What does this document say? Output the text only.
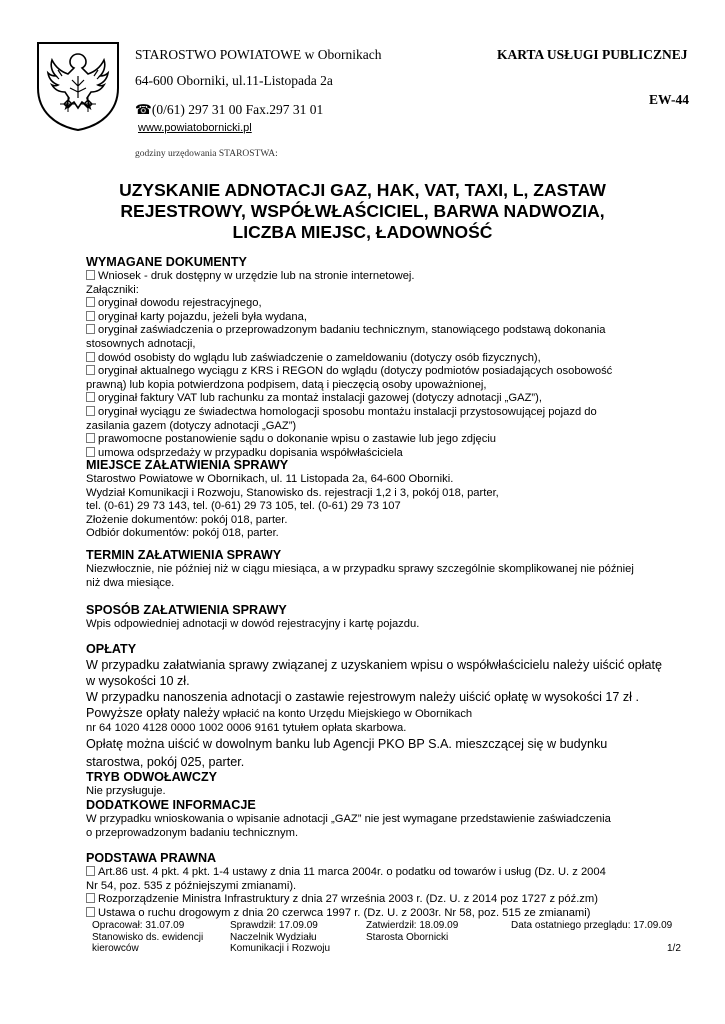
STAROSTWO POWIATOWE w Obornikach	KARTA USŁUGI PUBLICZNEJ
64-600 Oborniki, ul.11-Listopada 2a
EW-44
☎(0/61) 297 31 00 Fax.297 31 01
www.powiatobornicki.pl
godziny urzędowania STAROSTWA:
UZYSKANIE ADNOTACJI GAZ, HAK, VAT, TAXI, L, ZASTAW
REJESTROWY, WSPÓŁWŁAŚCICIEL, BARWA NADWOZIA,
LICZBA MIEJSC, ŁADOWNOŚĆ
WYMAGANE DOKUMENTY
Wniosek - druk dostępny w urzędzie lub na stronie internetowej.
Załączniki:
oryginał dowodu rejestracyjnego,
oryginał karty pojazdu, jeżeli była wydana,
oryginał zaświadczenia o przeprowadzonym badaniu technicznym, stanowiącego podstawą dokonania
stosownych adnotacji,
dowód osobisty do wglądu lub zaświadczenie o zameldowaniu (dotyczy osób fizycznych),
oryginał aktualnego wyciągu z KRS i REGON do wglądu (dotyczy podmiotów posiadających osobowość
prawną) lub kopia potwierdzona podpisem, datą i pieczęcią osoby upoważnionej,
oryginał faktury VAT lub rachunku za montaż instalacji gazowej (dotyczy adnotacji „GAZ”),
oryginał wyciągu ze świadectwa homologacji sposobu montażu instalacji przystosowującej pojazd do
zasilania gazem (dotyczy adnotacji „GAZ”)
prawomocne postanowienie sądu o dokonanie wpisu o zastawie lub jego zdjęciu
umowa odsprzedaży w przypadku dopisania współwłaściciela
MIEJSCE ZAŁATWIENIA SPRAWY
Starostwo Powiatowe w Obornikach, ul. 11 Listopada 2a, 64-600 Oborniki.
Wydział Komunikacji i Rozwoju, Stanowisko ds. rejestracji 1,2 i 3, pokój 018, parter,
tel. (0-61) 29 73 143, tel. (0-61) 29 73 105, tel. (0-61) 29 73 107
Złożenie dokumentów: pokój 018, parter.
Odbiór dokumentów: pokój 018, parter.
TERMIN ZAŁATWIENIA SPRAWY
Niezwłocznie, nie później niż w ciągu miesiąca, a w przypadku sprawy szczególnie skomplikowanej nie później
niż dwa miesiące.
SPOSÓB ZAŁATWIENIA SPRAWY
Wpis odpowiedniej adnotacji w dowód rejestracyjny i kartę pojazdu.
OPŁATY
W przypadku załatwiania sprawy związanej z uzyskaniem wpisu o współwłaścicielu należy uiścić opłatę
w wysokości 10 zł.
W przypadku nanoszenia adnotacji o zastawie rejestrowym należy uiścić opłatę w wysokości 17 zł .
Powyższe opłaty należy wpłacić na konto Urzędu Miejskiego w Obornikach
nr 64 1020 4128 0000 1002 0006 9161 tytułem opłata skarbowa.
Opłatę można uiścić w dowolnym banku lub Agencji PKO BP S.A. mieszczącej się w budynku
starostwa, pokój 025, parter.
TRYB ODWOŁAWCZY
Nie przysługuje.
DODATKOWE INFORMACJE
W przypadku wnioskowania o wpisanie adnotacji „GAZ” nie jest wymagane przedstawienie zaświadczenia
o przeprowadzonym badaniu technicznym.
PODSTAWA PRAWNA
Art.86 ust. 4 pkt. 4 pkt. 1-4 ustawy z dnia 11 marca 2004r. o podatku od towarów i usług (Dz. U. z 2004
Nr 54, poz. 535 z późniejszymi zmianami).
Rozporządzenie Ministra Infrastruktury z dnia 27 września 2003 r. (Dz. U. z 2014 poz 1727 z póź.zm)
Ustawa o ruchu drogowym z dnia 20 czerwca 1997 r. (Dz. U. z 2003r. Nr 58, poz. 515 ze zmianami)
Opracował: 31.07.09
Stanowisko ds. ewidencji
kierowców
Sprawdził: 17.09.09
Naczelnik Wydziału
Komunikacji i Rozwoju
Zatwierdził: 18.09.09
Starosta Obornicki
Data ostatniego przeglądu: 17.09.09
1/2
